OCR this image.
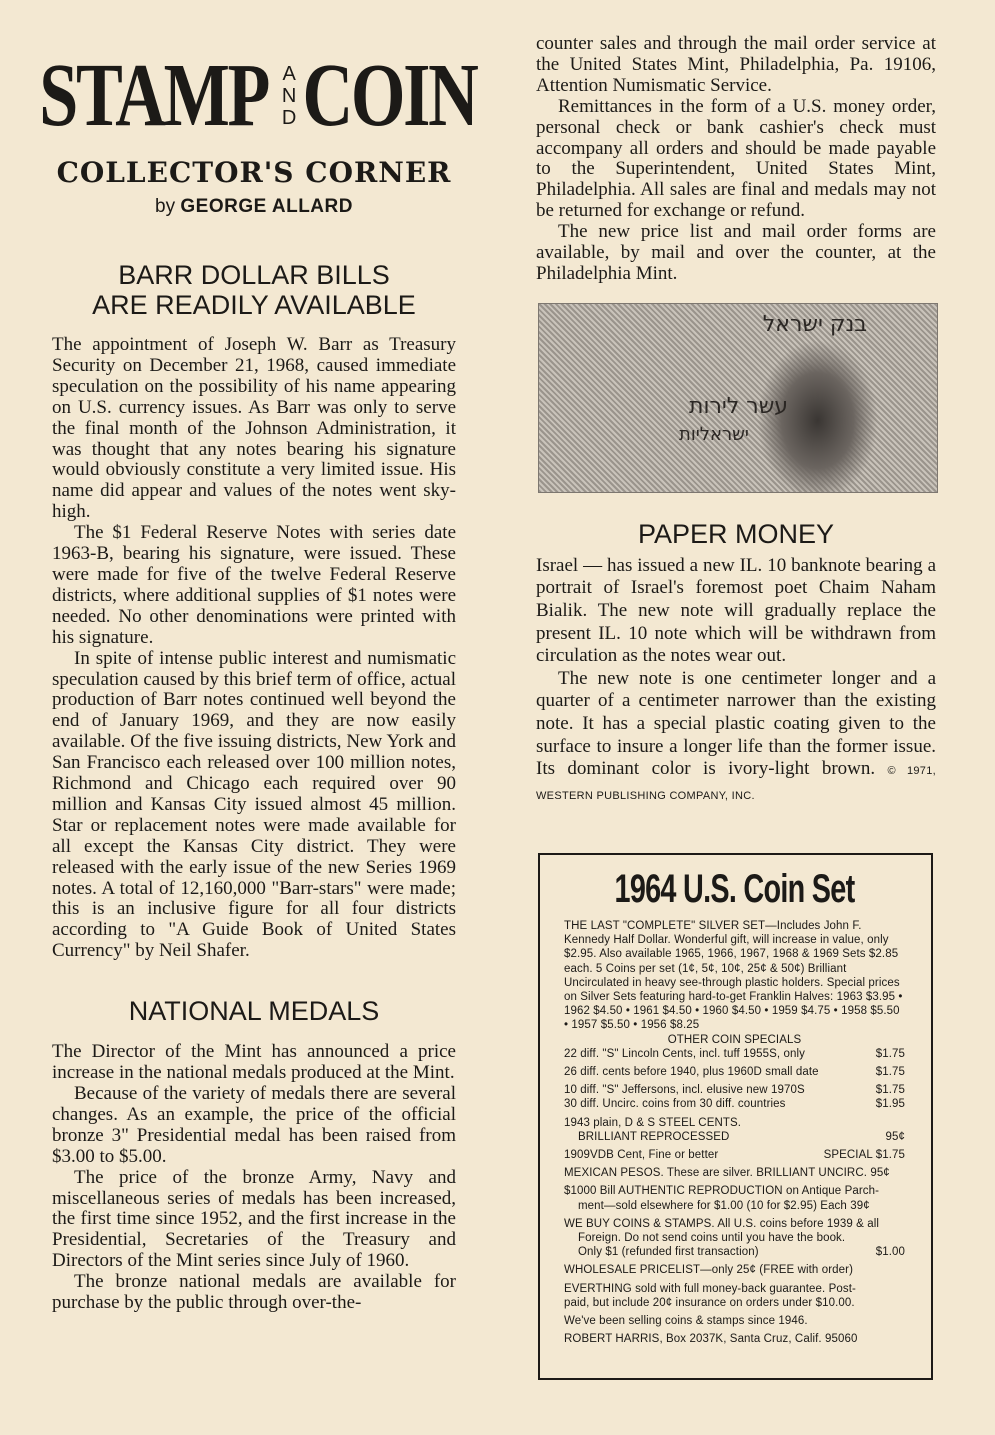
STAMP A
N
D COIN
COLLECTOR'S CORNER
by GEORGE ALLARD
BARR DOLLAR BILLS
ARE READILY AVAILABLE

The appointment of Joseph W. Barr as Treasury Security on December 21, 1968, caused immediate speculation on the possibility of his name appearing on U.S. currency issues. As Barr was only to serve the final month of the Johnson Administration, it was thought that any notes bearing his signature would obviously constitute a very limited issue. His name did appear and values of the notes went sky-high.

The $1 Federal Reserve Notes with series date 1963-B, bearing his signature, were issued. These were made for five of the twelve Federal Reserve districts, where additional supplies of $1 notes were needed. No other denominations were printed with his signature.

In spite of intense public interest and numismatic speculation caused by this brief term of office, actual production of Barr notes continued well beyond the end of January 1969, and they are now easily available. Of the five issuing districts, New York and San Francisco each released over 100 million notes, Richmond and Chicago each required over 90 million and Kansas City issued almost 45 million. Star or replacement notes were made available for all except the Kansas City district. They were released with the early issue of the new Series 1969 notes. A total of 12,160,000 "Barr-stars" were made; this is an inclusive figure for all four districts according to "A Guide Book of United States Currency" by Neil Shafer.

NATIONAL MEDALS

The Director of the Mint has announced a price increase in the national medals produced at the Mint.

Because of the variety of medals there are several changes. As an example, the price of the official bronze 3" Presidential medal has been raised from $3.00 to $5.00.

The price of the bronze Army, Navy and miscellaneous series of medals has been increased, the first time since 1952, and the first increase in the Presidential, Secretaries of the Treasury and Directors of the Mint series since July of 1960.

The bronze national medals are available for purchase by the public through over-the-

counter sales and through the mail order service at the United States Mint, Philadelphia, Pa. 19106, Attention Numismatic Service.

Remittances in the form of a U.S. money order, personal check or bank cashier's check must accompany all orders and should be made payable to the Superintendent, United States Mint, Philadelphia. All sales are final and medals may not be returned for exchange or refund.

The new price list and mail order forms are available, by mail and over the counter, at the Philadelphia Mint.

בנק ישראל
עשר לירות
ישראליות
PAPER MONEY

Israel — has issued a new IL. 10 banknote bearing a portrait of Israel's foremost poet Chaim Naham Bialik. The new note will gradually replace the present IL. 10 note which will be withdrawn from circulation as the notes wear out.

The new note is one centimeter longer and a quarter of a centimeter narrower than the existing note. It has a special plastic coating given to the surface to insure a longer life than the former issue. Its dominant color is ivory-light brown. © 1971, WESTERN PUBLISHING COMPANY, INC.

1964 U.S. Coin Set

THE LAST "COMPLETE" SILVER SET—Includes John F. Kennedy Half Dollar. Wonderful gift, will increase in value, only $2.95. Also available 1965, 1966, 1967, 1968 & 1969 Sets $2.85 each. 5 Coins per set (1¢, 5¢, 10¢, 25¢ & 50¢) Brilliant Uncirculated in heavy see-through plastic holders. Special prices on Silver Sets featuring hard-to-get Franklin Halves: 1963 $3.95 • 1962 $4.50 • 1961 $4.50 • 1960 $4.50 • 1959 $4.75 • 1958 $5.50 • 1957 $5.50 • 1956 $8.25

OTHER COIN SPECIALS

22 diff. "S" Lincoln Cents, incl. tuff 1955S, only	$1.75

26 diff. cents before 1940, plus 1960D small date	$1.75

10 diff. "S" Jeffersons, incl. elusive new 1970S	$1.75

30 diff. Uncirc. coins from 30 diff. countries	$1.95

1943 plain, D & S STEEL CENTS.

BRILLIANT REPROCESSED	95¢

1909VDB Cent, Fine or better	SPECIAL $1.75

MEXICAN PESOS. These are silver. BRILLIANT UNCIRC. 95¢

$1000 Bill AUTHENTIC REPRODUCTION on Antique Parch-

ment—sold elsewhere for $1.00 (10 for $2.95) Each 39¢

WE BUY COINS & STAMPS. All U.S. coins before 1939 & all

Foreign. Do not send coins until you have the book.

Only $1 (refunded first transaction)	$1.00

WHOLESALE PRICELIST—only 25¢ (FREE with order)

EVERTHING sold with full money-back guarantee. Post-

paid, but include 20¢ insurance on orders under $10.00.

We've been selling coins & stamps since 1946.

ROBERT HARRIS, Box 2037K, Santa Cruz, Calif. 95060
